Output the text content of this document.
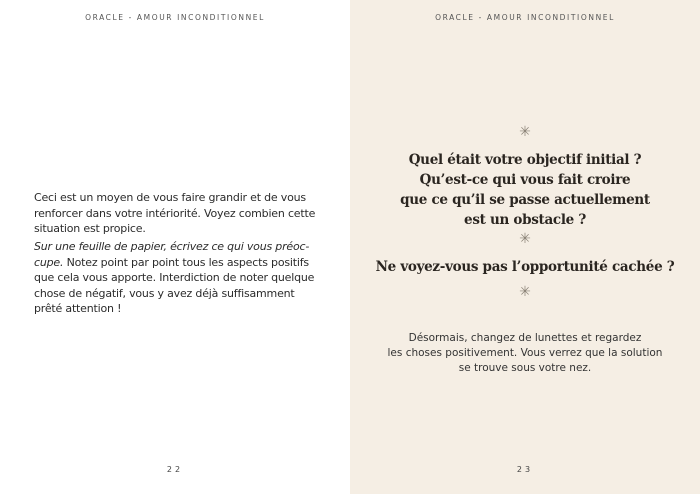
ORACLE - AMOUR INCONDITIONNEL
Ceci est un moyen de vous faire grandir et de vous
renforcer dans votre intériorité. Voyez combien cette
situation est propice.
Sur une feuille de papier, écrivez ce qui vous préoc-
cupe. Notez point par point tous les aspects positifs
que cela vous apporte. Interdiction de noter quelque
chose de négatif, vous y avez déjà suffisamment
prêté attention !
22
ORACLE - AMOUR INCONDITIONNEL
✳
Quel était votre objectif initial ?
Qu’est-ce qui vous fait croire
que ce qu’il se passe actuellement
est un obstacle ?
✳
Ne voyez-vous pas l’opportunité cachée ?
✳
Désormais, changez de lunettes et regardez
les choses positivement. Vous verrez que la solution
se trouve sous votre nez.
23
